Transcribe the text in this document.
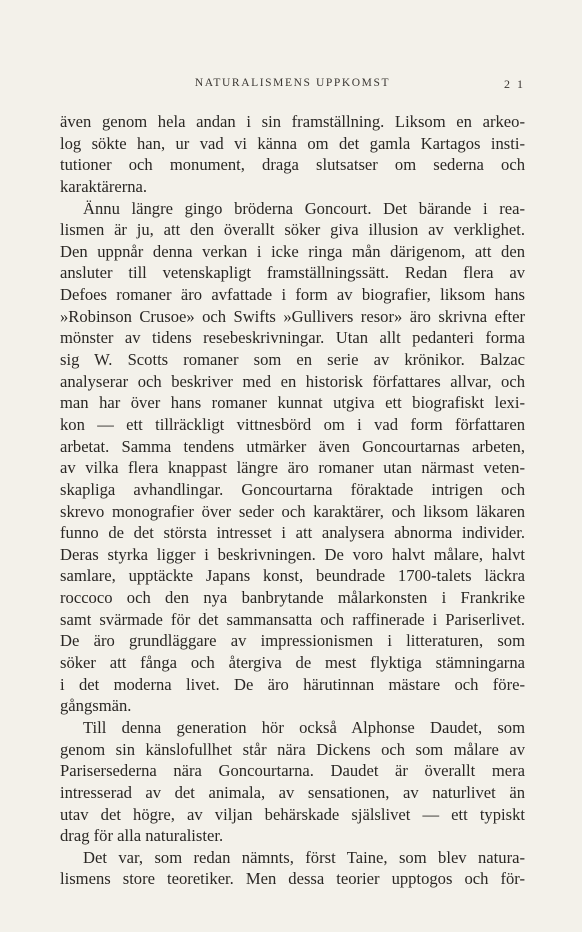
NATURALISMENS UPPKOMST	2 1
även genom hela andan i sin framställning. Liksom en arkeo-
log sökte han, ur vad vi känna om det gamla Kartagos insti-
tutioner och monument, draga slutsatser om sederna och
karaktärerna.
Ännu längre gingo bröderna Goncourt. Det bärande i rea-
lismen är ju, att den överallt söker giva illusion av verklighet.
Den uppnår denna verkan i icke ringa mån därigenom, att den
ansluter till vetenskapligt framställningssätt. Redan flera av
Defoes romaner äro avfattade i form av biografier, liksom hans
»Robinson Crusoe» och Swifts »Gullivers resor» äro skrivna efter
mönster av tidens resebeskrivningar. Utan allt pedanteri forma
sig W. Scotts romaner som en serie av krönikor. Balzac
analyserar och beskriver med en historisk författares allvar, och
man har över hans romaner kunnat utgiva ett biografiskt lexi-
kon — ett tillräckligt vittnesbörd om i vad form författaren
arbetat. Samma tendens utmärker även Goncourtarnas arbeten,
av vilka flera knappast längre äro romaner utan närmast veten-
skapliga avhandlingar. Goncourtarna föraktade intrigen och
skrevo monografier över seder och karaktärer, och liksom läkaren
funno de det största intresset i att analysera abnorma individer.
Deras styrka ligger i beskrivningen. De voro halvt målare, halvt
samlare, upptäckte Japans konst, beundrade 1700-talets läckra
roccoco och den nya banbrytande målarkonsten i Frankrike
samt svärmade för det sammansatta och raffinerade i Pariserlivet.
De äro grundläggare av impressionismen i litteraturen, som
söker att fånga och återgiva de mest flyktiga stämningarna
i det moderna livet. De äro härutinnan mästare och före-
gångsmän.
Till denna generation hör också Alphonse Daudet, som
genom sin känslofullhet står nära Dickens och som målare av
Parisersederna nära Goncourtarna. Daudet är överallt mera
intresserad av det animala, av sensationen, av naturlivet än
utav det högre, av viljan behärskade själslivet — ett typiskt
drag för alla naturalister.
Det var, som redan nämnts, först Taine, som blev natura-
lismens store teoretiker. Men dessa teorier upptogos och för-
